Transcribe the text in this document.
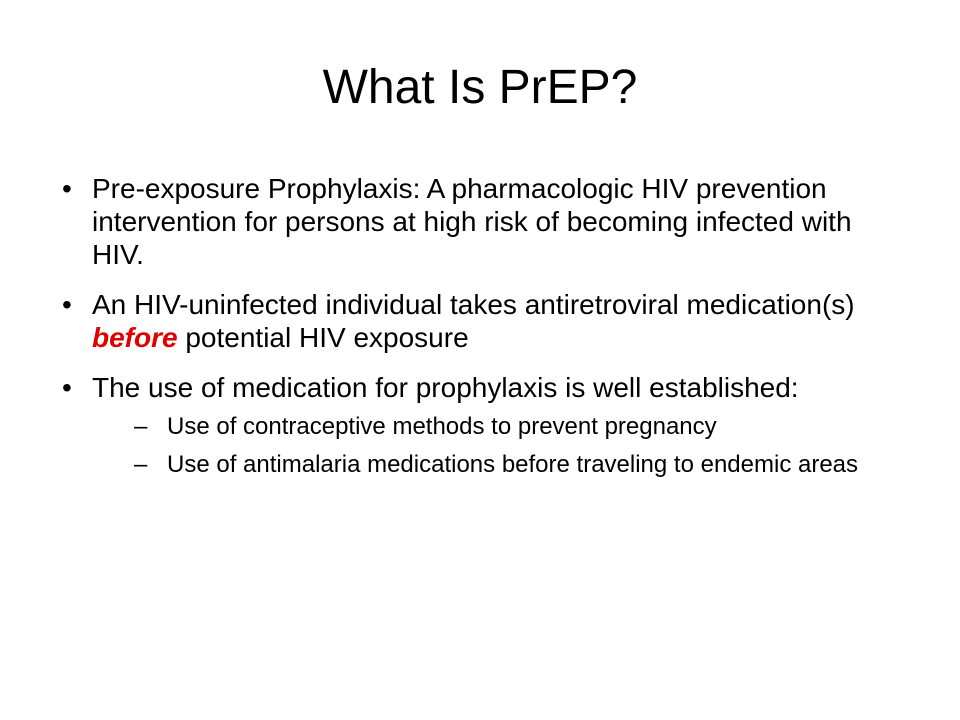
What Is PrEP?
• Pre-exposure Prophylaxis: A pharmacologic HIV prevention intervention for persons at high risk of becoming infected with HIV.
• An HIV-uninfected individual takes antiretroviral medication(s) before potential HIV exposure
• The use of medication for prophylaxis is well established:
– Use of contraceptive methods to prevent pregnancy
– Use of antimalaria medications before traveling to endemic areas
